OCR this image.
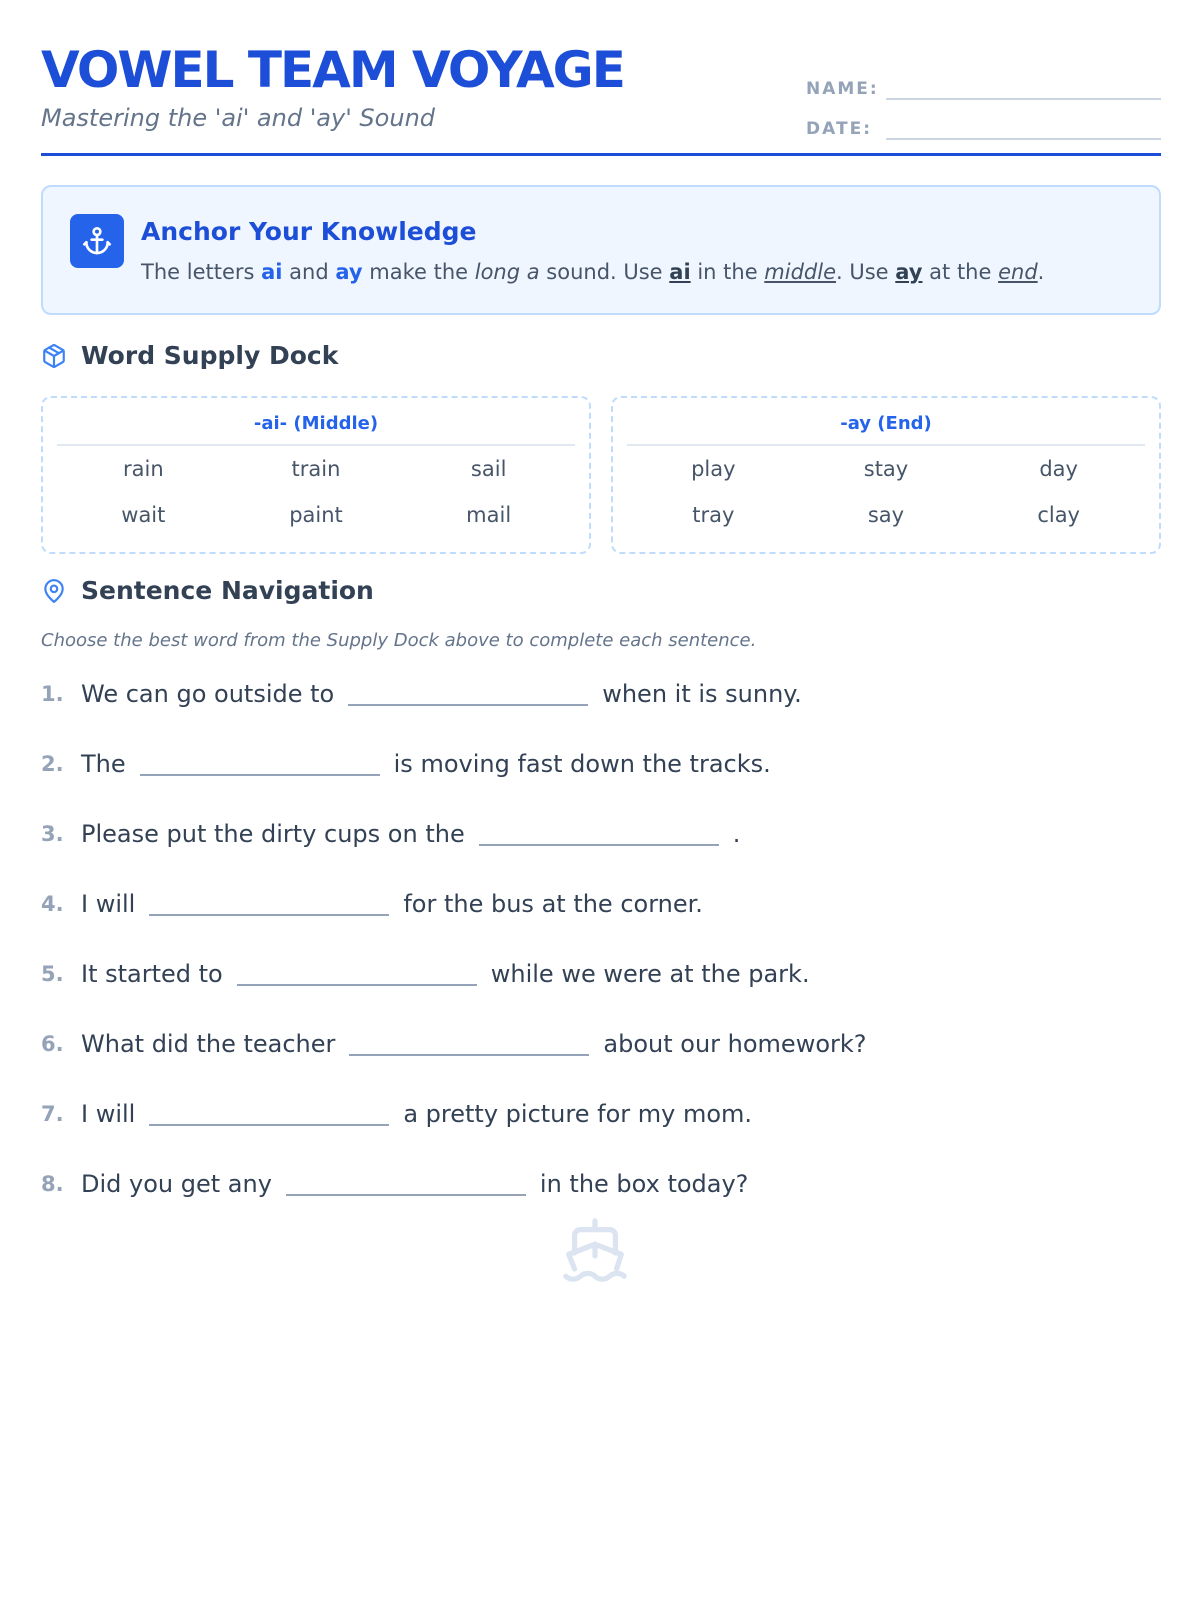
VOWEL TEAM VOYAGE
Mastering the 'ai' and 'ay' Sound
NAME:
DATE:
Anchor Your Knowledge
The letters ai and ay make the long a sound. Use ai in the middle. Use ay at the end.
Word Supply Dock
-ai- (Middle)
rain	train	sail
wait	paint	mail
-ay (End)
play	stay	day
tray	say	clay
Sentence Navigation
Choose the best word from the Supply Dock above to complete each sentence.
1. We can go outside to	when it is sunny.
2. The	is moving fast down the tracks.
3. Please put the dirty cups on the	.
4. I will	for the bus at the corner.
5. It started to	while we were at the park.
6. What did the teacher	about our homework?
7. I will	a pretty picture for my mom.
8. Did you get any	in the box today?
